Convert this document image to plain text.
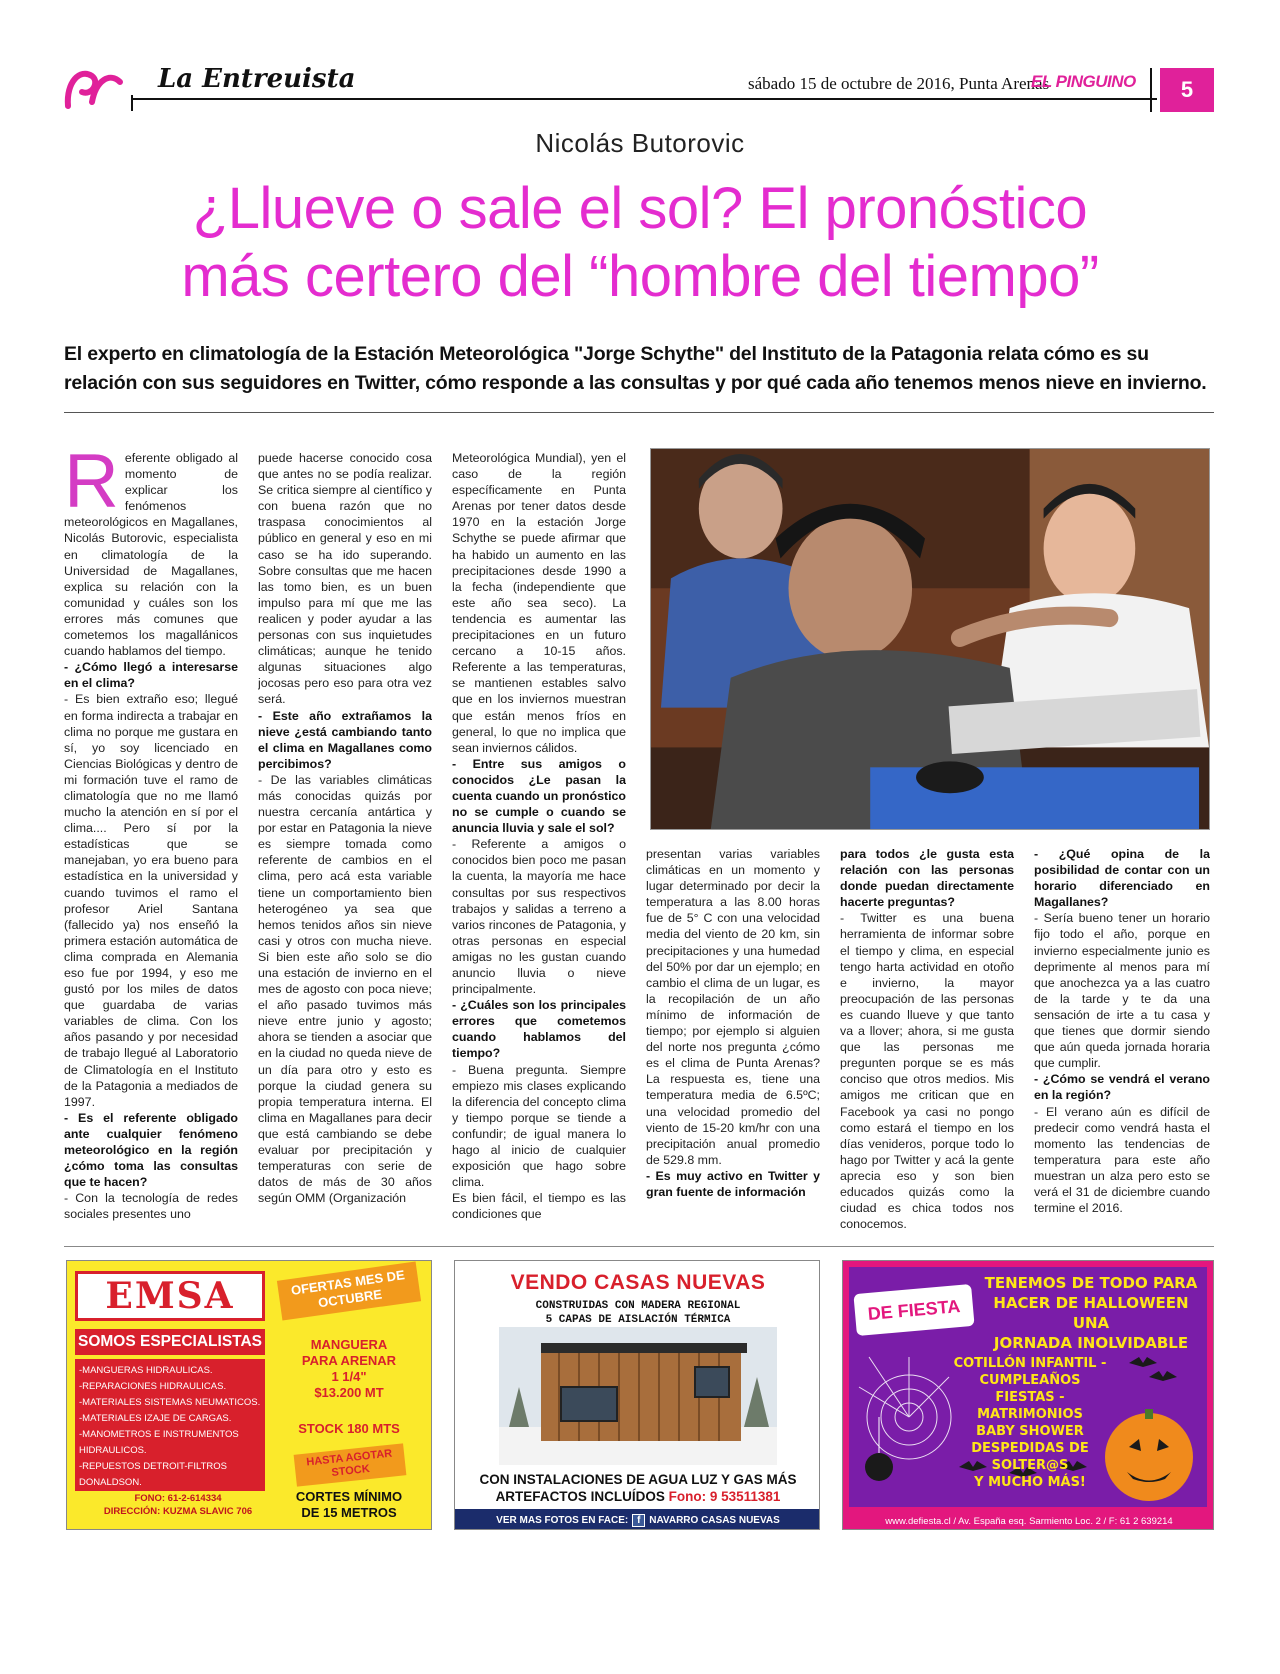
La Entreuista	sábado 15 de octubre de 2016, Punta Arenas
EL PINGUINO	5
Nicolás Butorovic
¿Llueve o sale el sol? El pronóstico
más certero del “hombre del tiempo”
El experto en climatología de la Estación Meteorológica "Jorge Schythe" del Instituto de la Patagonia relata cómo es su relación con sus seguidores en Twitter, cómo responde a las consultas y por qué cada año tenemos menos nieve en invierno.
R eferente obligado al momento de explicar los fenómenos meteorológicos en Magallanes, Nicolás Butorovic, especialista en climatología de la Universidad de Magallanes, explica su relación con la comunidad y cuáles son los errores más comunes que cometemos los magallánicos cuando hablamos del tiempo.

- ¿Cómo llegó a interesarse en el clima?

- Es bien extraño eso; llegué en forma indirecta a trabajar en clima no porque me gustara en sí, yo soy licenciado en Ciencias Biológicas y dentro de mi formación tuve el ramo de climatología que no me llamó mucho la atención en sí por el clima.... Pero sí por la estadísticas que se manejaban, yo era bueno para estadística en la universidad y cuando tuvimos el ramo el profesor Ariel Santana (fallecido ya) nos enseñó la primera estación automática de clima comprada en Alemania eso fue por 1994, y eso me gustó por los miles de datos que guardaba de varias variables de clima. Con los años pasando y por necesidad de trabajo llegué al Laboratorio de Climatología en el Instituto de la Patagonia a mediados de 1997.

- Es el referente obligado ante cualquier fenómeno meteorológico en la región ¿cómo toma las consultas que te hacen?

- Con la tecnología de redes sociales presentes uno

puede hacerse conocido cosa que antes no se podía realizar. Se critica siempre al científico y con buena razón que no traspasa conocimientos al público en general y eso en mi caso se ha ido superando. Sobre consultas que me hacen las tomo bien, es un buen impulso para mí que me las realicen y poder ayudar a las personas con sus inquietudes climáticas; aunque he tenido algunas situaciones algo jocosas pero eso para otra vez será.

- Este año extrañamos la nieve ¿está cambiando tanto el clima en Magallanes como percibimos?

- De las variables climáticas más conocidas quizás por nuestra cercanía antártica y por estar en Patagonia la nieve es siempre tomada como referente de cambios en el clima, pero acá esta variable tiene un comportamiento bien heterogéneo ya sea que hemos tenidos años sin nieve casi y otros con mucha nieve. Si bien este año solo se dio una estación de invierno en el mes de agosto con poca nieve; el año pasado tuvimos más nieve entre junio y agosto; ahora se tienden a asociar que en la ciudad no queda nieve de un día para otro y esto es porque la ciudad genera su propia temperatura interna. El clima en Magallanes para decir que está cambiando se debe evaluar por precipitación y temperaturas con serie de datos de más de 30 años según OMM (Organización

Meteorológica Mundial), yen el caso de la región específicamente en Punta Arenas por tener datos desde 1970 en la estación Jorge Schythe se puede afirmar que ha habido un aumento en las precipitaciones desde 1990 a la fecha (independiente que este año sea seco). La tendencia es aumentar las precipitaciones en un futuro cercano a 10-15 años. Referente a las temperaturas, se mantienen estables salvo que en los inviernos muestran que están menos fríos en general, lo que no implica que sean inviernos cálidos.

- Entre sus amigos o conocidos ¿Le pasan la cuenta cuando un pronóstico no se cumple o cuando se anuncia lluvia y sale el sol?

- Referente a amigos o conocidos bien poco me pasan la cuenta, la mayoría me hace consultas por sus respectivos trabajos y salidas a terreno a varios rincones de Patagonia, y otras personas en especial amigas no les gustan cuando anuncio lluvia o nieve principalmente.

- ¿Cuáles son los principales errores que cometemos cuando hablamos del tiempo?

- Buena pregunta. Siempre empiezo mis clases explicando la diferencia del concepto clima y tiempo porque se tiende a confundir; de igual manera lo hago al inicio de cualquier exposición que hago sobre clima.

Es bien fácil, el tiempo es las condiciones que

presentan varias variables climáticas en un momento y lugar determinado por decir la temperatura a las 8.00 horas fue de 5° C con una velocidad media del viento de 20 km, sin precipitaciones y una humedad del 50% por dar un ejemplo; en cambio el clima de un lugar, es la recopilación de un año mínimo de información de tiempo; por ejemplo si alguien del norte nos pregunta ¿cómo es el clima de Punta Arenas? La respuesta es, tiene una temperatura media de 6.5ºC; una velocidad promedio del viento de 15-20 km/hr con una precipitación anual promedio de 529.8 mm.

- Es muy activo en Twitter y gran fuente de información

para todos ¿le gusta esta relación con las personas donde puedan directamente hacerte preguntas?

- Twitter es una buena herramienta de informar sobre el tiempo y clima, en especial tengo harta actividad en otoño e invierno, la mayor preocupación de las personas es cuando llueve y que tanto va a llover; ahora, si me gusta que las personas me pregunten porque se es más conciso que otros medios. Mis amigos me critican que en Facebook ya casi no pongo como estará el tiempo en los días venideros, porque todo lo hago por Twitter y acá la gente aprecia eso y son bien educados quizás como la ciudad es chica todos nos conocemos.

- ¿Qué opina de la posibilidad de contar con un horario diferenciado en Magallanes?

- Sería bueno tener un horario fijo todo el año, porque en invierno especialmente junio es deprimente al menos para mí que anochezca ya a las cuatro de la tarde y te da una sensación de irte a tu casa y que tienes que dormir siendo que aún queda jornada horaria que cumplir.

- ¿Cómo se vendrá el verano en la región?

- El verano aún es difícil de predecir como vendrá hasta el momento las tendencias de temperatura para este año muestran un alza pero esto se verá el 31 de diciembre cuando termine el 2016.

EMSA
SOMOS ESPECIALISTAS
-MANGUERAS HIDRAULICAS.
-REPARACIONES HIDRAULICAS.
-MATERIALES SISTEMAS NEUMATICOS.
-MATERIALES IZAJE DE CARGAS.
-MANOMETROS E INSTRUMENTOS HIDRAULICOS.
-REPUESTOS DETROIT-FILTROS DONALDSON.
FONO: 61-2-614334
DIRECCIÓN: KUZMA SLAVIC 706
OFERTAS MES DE OCTUBRE
MANGUERA
PARA ARENAR
1 1/4"
$13.200 MT
STOCK 180 MTS
HASTA AGOTAR STOCK
CORTES MÍNIMO
DE 15 METROS
VENDO CASAS NUEVAS
CONSTRUIDAS CON MADERA REGIONAL
5 CAPAS DE AISLACIÓN TÉRMICA
CON INSTALACIONES DE AGUA LUZ Y GAS MÁS
ARTEFACTOS INCLUÍDOS Fono: 9 53511381
VER MAS FOTOS EN FACE: f NAVARRO CASAS NUEVAS
DE FIESTA
TENEMOS DE TODO PARA
HACER DE HALLOWEEN UNA
JORNADA INOLVIDABLE
COTILLÓN INFANTIL - CUMPLEAÑOS
FIESTAS - MATRIMONIOS
BABY SHOWER
DESPEDIDAS DE SOLTER@S
Y MUCHO MÁS!
www.defiesta.cl / Av. España esq. Sarmiento Loc. 2 / F: 61 2 639214
